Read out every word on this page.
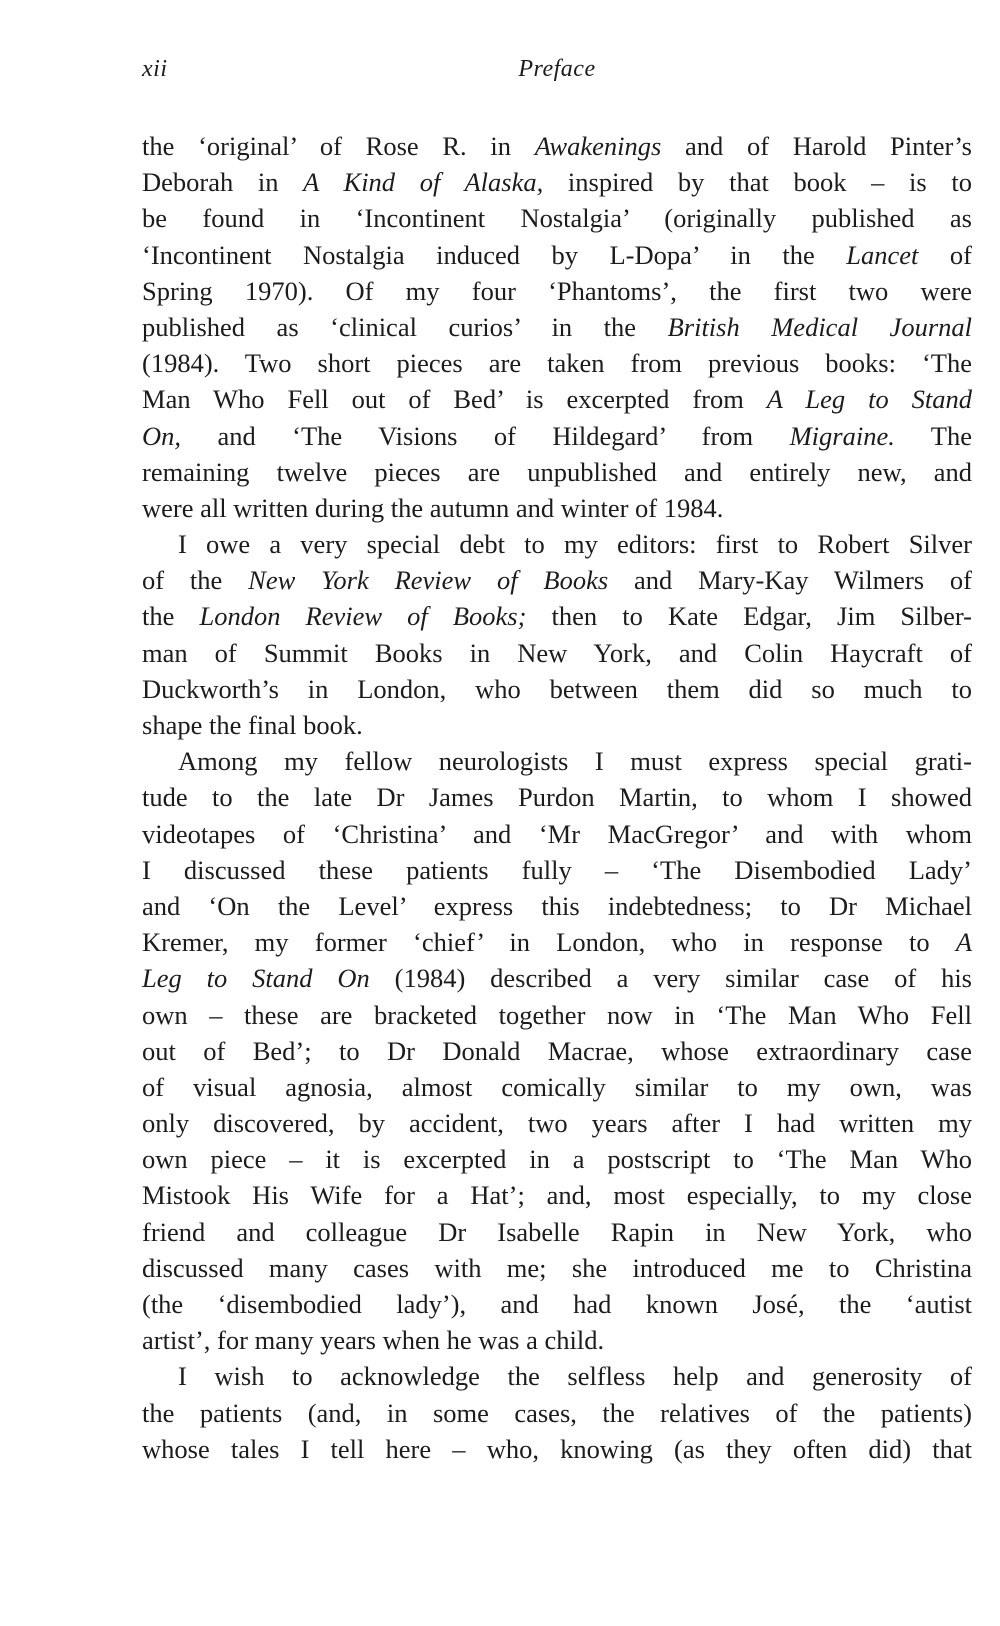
xii	Preface
the ‘original’ of Rose R. in Awakenings and of Harold Pinter’s
Deborah in A Kind of Alaska, inspired by that book – is to
be found in ‘Incontinent Nostalgia’ (originally published as
‘Incontinent Nostalgia induced by L-Dopa’ in the Lancet of
Spring 1970). Of my four ‘Phantoms’, the first two were
published as ‘clinical curios’ in the British Medical Journal
(1984). Two short pieces are taken from previous books: ‘The
Man Who Fell out of Bed’ is excerpted from A Leg to Stand
On, and ‘The Visions of Hildegard’ from Migraine. The
remaining twelve pieces are unpublished and entirely new, and
were all written during the autumn and winter of 1984.
I owe a very special debt to my editors: first to Robert Silver
of the New York Review of Books and Mary-Kay Wilmers of
the London Review of Books; then to Kate Edgar, Jim Silber-
man of Summit Books in New York, and Colin Haycraft of
Duckworth’s in London, who between them did so much to
shape the final book.
Among my fellow neurologists I must express special grati-
tude to the late Dr James Purdon Martin, to whom I showed
videotapes of ‘Christina’ and ‘Mr MacGregor’ and with whom
I discussed these patients fully – ‘The Disembodied Lady’
and ‘On the Level’ express this indebtedness; to Dr Michael
Kremer, my former ‘chief’ in London, who in response to A
Leg to Stand On (1984) described a very similar case of his
own – these are bracketed together now in ‘The Man Who Fell
out of Bed’; to Dr Donald Macrae, whose extraordinary case
of visual agnosia, almost comically similar to my own, was
only discovered, by accident, two years after I had written my
own piece – it is excerpted in a postscript to ‘The Man Who
Mistook His Wife for a Hat’; and, most especially, to my close
friend and colleague Dr Isabelle Rapin in New York, who
discussed many cases with me; she introduced me to Christina
(the ‘disembodied lady’), and had known José, the ‘autist
artist’, for many years when he was a child.
I wish to acknowledge the selfless help and generosity of
the patients (and, in some cases, the relatives of the patients)
whose tales I tell here – who, knowing (as they often did) that
